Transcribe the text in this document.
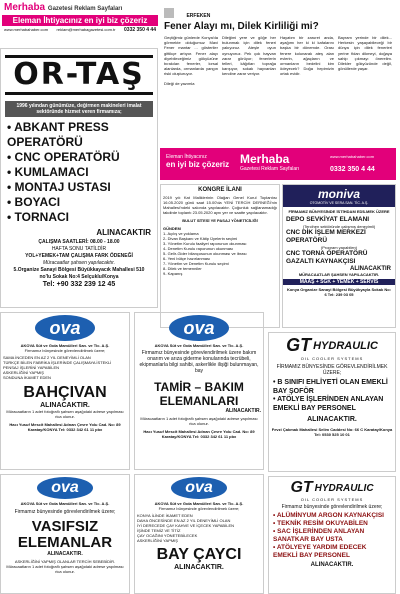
Merhaba Gazetesi Reklam Sayfaları
Eleman İhtiyacınız en iyi biz çözeriz
www.merhabahaber.com reklam@merhabagazetesi.com.tr 0332 350 4 44
OR-TAŞ
1996 yılından günümüze, değirmen makineleri imalat sektöründe hizmet veren firmamıza;
• ABKANT PRESS OPERATÖRÜ
• CNC OPERATÖRÜ
• KUMLAMACI
• MONTAJ USTASI
• BOYACI
• TORNACI
ALINACAKTIR
ÇALIŞMA SAATLERİ: 08.00 - 18.00
HAFTA SONU TATİLDİR
YOL+YEMEK+TAM ÇALIŞMA FARK ÖDENEĞİ
Müracaatlar şahsen yapılacaktır.
5.Organize Sanayi Bölgesi Büyükkayacık Mahallesi 510 no'lu Sokak No:4 Selçuklu/Konya
Tel: +90 332 239 12 45
ERFEKEN
Fener Alayı mı, Dilek Kirliliği mi?
Geçtiğimiz günlerde Konya'da görmekte olduğumuz Mavi Fener mantar ... gösteriler gittikçe artıyor. Fener alayı diyebileceğimiz gökyüzüne bırakılan fenerler, kırsal alanlarda, ormanlarda yangın riski oluşturuyor.
Dileğimi yere ve göğe her bulunmak için dilek feneri yakıyoruz. Ateşle oyun oynuyoruz. Pek çok hayvan zarar görüyor; fenerlerin telleri, kâğıtları toprağa karışıyor, sokak hayvanları kendine zarar veriyor.
Hayatım bir zaruret anda, ayağımı her ki ki kafalarını başka bir dönemde. Orası fenere kolunarak ateş alan evlerin, ağaçların ve ormanların bedelini kim ödeyecek? Doğa hepimizin ortak evidir.
Bayram yerinde bir dilek... Herkesin yaşayabileceği bir dünya için dilek fenerleri yerine fidan dikmeyi, doğaya sahip çıkmayı önerelim. Dilekler gökyüzünde değil, gönüllerde yaşar.
Dileği de yazımla
Eleman İhtiyacınız
en iyi biz çözeriz Merhaba
Gazetesi Reklam Sayfaları
www.merhabahaber.com
0332 350 4 44
KONGRE İLANI
2019 yılı Kat Maliklerinin Olağan Genel Kurul Toplantısı 16.05.2020 günü saat 15.00'da YENİ TERCİH DERNEĞİ'nin Mahallesi'ndeki salonda yapılacaktır. Çoğunluk sağlanamadığı takdirde toplantı 23.05.2020 aynı yer ve saatte yapılacaktır.
BULUT SİTESİ YE PASAJ YÖNETİCİLİĞİ
GÜNDEM
1- Açılış ve yoklama
2- Divan Başkanı ve Kâtip Üyelerin seçimi
3- Yönetim Kurulu faaliyet raporunun okunması
4- Denetim Kurulu raporunun okunması
5- Gelir-Gider bilançosunun okunması ve ibrası
6- Yeni bütçe hazırlanması
7- Yönetim ve Denetim Kurulu seçimi
8- Dilek ve temenniler
9- Kapanış
moniva
OTOMOTİV VE SERA SAN. TİC. A.Ş.
FİRMAMIZ BÜNYESİNDE İSTİHDAM EDİLMEK ÜZERE
DEPO SEVKİYAT ELAMANI
(Tercihen sektöründe çalışmış deneyimli)
CNC DİK İŞLEM MERKEZİ OPERATÖRÜ
(Program yapabilen)
CNC TORNA OPERATÖRÜ
GAZALTI KAYNAKÇISI
ALINACAKTIR
MÜRACAATLAR ŞAHSEN YAPILACAKTIR.
MAAŞ + SGK + YEMEK + SERVİS
Konya Organize Sanayi Bölgesi Büyükyayla Sokak No: 6 Tel: 239 03 05
ova
AKOVA Süt ve Gıda Mamülleri San. ve Tic. A.Ş.
Firmamız bünyesinde görevlendirilmek üzere;
SAMA İNCEDEN EN AZ 2 YIL DENEYİMLİ OLAN
TÜRKÇE BİLEN FABRİKA İŞLERİNDE ÇALIŞMAYA İSTEKLİ
PENSAJ İŞLERİNİ YAPABİLEN
ASKERLİĞİNİ YAPMIŞ
SONDUNA İKAMET EDEN
BAHÇIVAN
ALINACAKTIR.
Müracaatların 1 adet fotoğraflı şahsen aşağıdaki adrese yapılması rica olunur.
Hacı Yusuf Mescit Mahallesi Adnan Çevre Yolu Cad. No: 89 Karatay/KONYA Tel: 0332 342 61 11 pbx
ova
AKOVA Süt ve Gıda Mamülleri San. ve Tic. A.Ş.
Firmamız bünyesinde görevlendirilmek üzere bakım onarım ve arıza giderme konularında tecrübeli, ekipmanlarla bilgi sahibi, askerlikle ilişiği bulunmayan, bay
TAMİR – BAKIM ELEMANLARI
ALINACAKTIR.
Müracaatların 1 adet fotoğraflı şahsen aşağıdaki adrese yapılması rica olunur.
Hacı Yusuf Mescit Mahallesi Adnan Çevre Yolu Cad. No: 89 Karatay/KONYA Tel: 0332 342 61 11 pbx
GT HYDRAULIC
OIL COOLER SYSTEMS
FİRMAMIZ BÜNYESİNDE GÖREVLENDİRİLMEK ÜZERE;
• B SINIFI EHLİYETİ OLAN EMEKLİ BAY ŞOFÖR
• ATÖLYE İŞLERİNDEN ANLAYAN EMEKLİ BAY PERSONEL
ALINACAKTIR.
Fevzi Çakmak Mahallesi Selim Caddesi No: 66 C Karatay/Konya Tel: 0530 525 10 01
ova
AKOVA Süt ve Gıda Mamülleri San. ve Tic. A.Ş.
Firmamız bünyesinde görevlendirilmek üzere;
VASIFSIZ ELEMANLAR
ALINACAKTIR.
ASKERLİĞİNİ YAPMIŞ OLANLAR TERCİH SEBEBİDİR.
Müracaatların 1 adet fotoğraflı şahsen aşağıdaki adrese yapılması rica olunur.
ova
AKOVA Süt ve Gıda Mamülleri San. ve Tic. A.Ş.
Firmamız bünyesinde görevlendirilmek üzere;
KONYA İLİNDE İKAMET EDEN
DAHA ÖNCESİNDE EN AZ 2 YIL DENEYİMLİ OLAN
İYİ DERECEDE ÇAY KAHVE VE İÇECEK YAPABİLEN
İŞİNDE TEMİZ VE TİTİZ
ÇAY OCAĞINI YÖNETEBİLECEK
ASKERLİĞİNİ YAPMIŞ
BAY ÇAYCI
ALINACAKTIR.
GT HYDRAULIC
OIL COOLER SYSTEMS
Firmamız bünyesinde görevlendirilmek üzere;
• ALÜMİNYUM ARGON KAYNAKÇISI
• TEKNİK RESİM OKUYABİLEN
• SAC İŞLERİNDEN ANLAYAN SANATKAR BAY USTA
• ATÖLYEYE YARDIM EDECEK EMEKLİ BAY PERSONEL
ALINACAKTIR.
